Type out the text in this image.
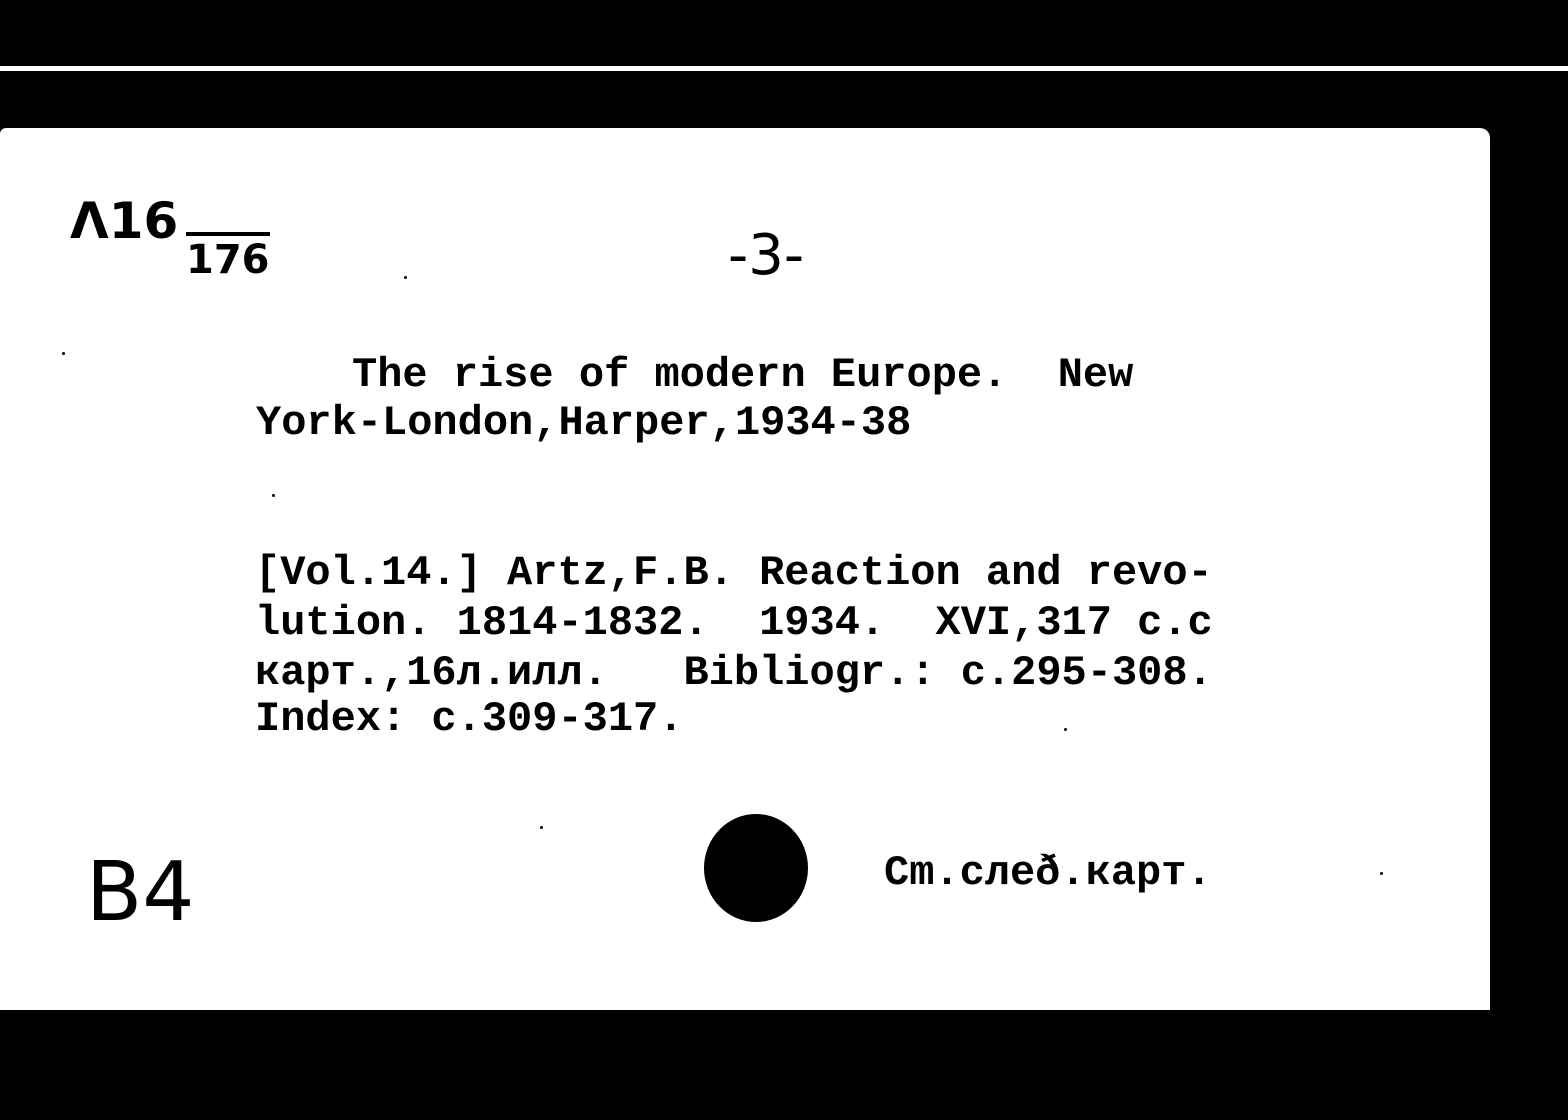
Λ16
176	-3-
The rise of modern Europe.  New
York-London,Harper,1934-38
[Vol.14.] Artz,F.B. Reaction and revo-
lution. 1814-1832.  1934.  XVI,317 c.c
карт.,16л.илл.   Bibliogr.: c.295-308.
Index: c.309-317.
B4	Cm.слеð.карт.
